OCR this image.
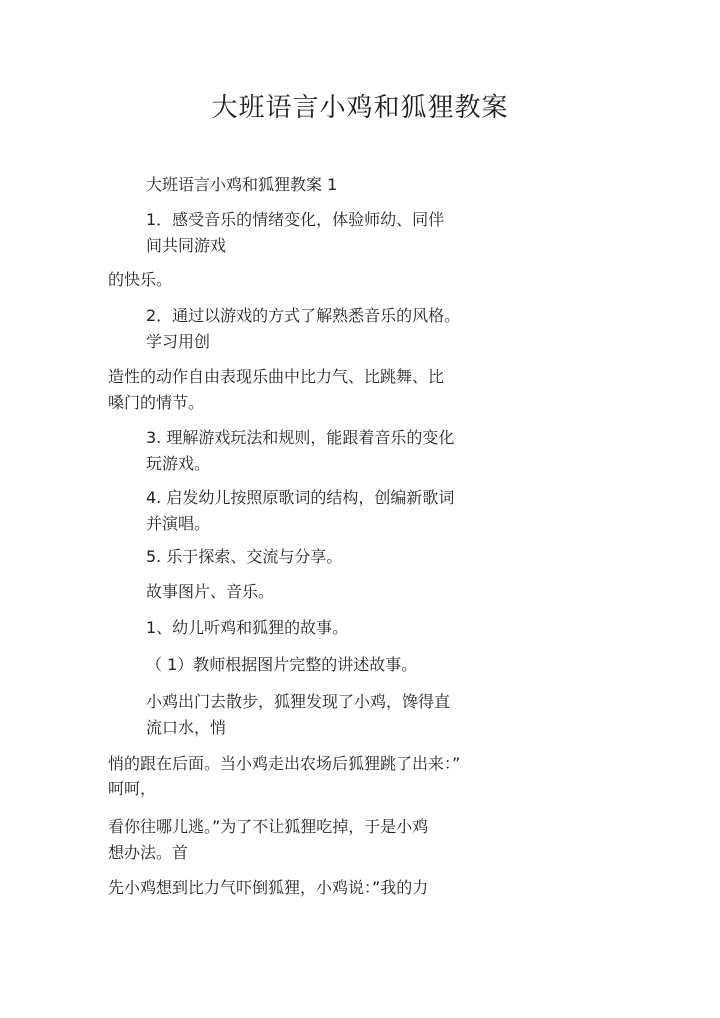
大班语言小鸡和狐狸教案
大班语言小鸡和狐狸教案 1
1．感受音乐的情绪变化，体验师幼、同伴
间共同游戏
的快乐。
2．通过以游戏的方式了解熟悉音乐的风格。
学习用创
造性的动作自由表现乐曲中比力气、比跳舞、比
嗓门的情节。
3. 理解游戏玩法和规则，能跟着音乐的变化
玩游戏。
4. 启发幼儿按照原歌词的结构，创编新歌词
并演唱。
5. 乐于探索、交流与分享。
故事图片、音乐。
1、幼儿听鸡和狐狸的故事。
（ 1）教师根据图片完整的讲述故事。
小鸡出门去散步，狐狸发现了小鸡，馋得直
流口水，悄
悄的跟在后面。当小鸡走出农场后狐狸跳了出来：”
呵呵，
看你往哪儿逃。”为了不让狐狸吃掉，于是小鸡
想办法。首
先小鸡想到比力气吓倒狐狸，小鸡说：”我的力
